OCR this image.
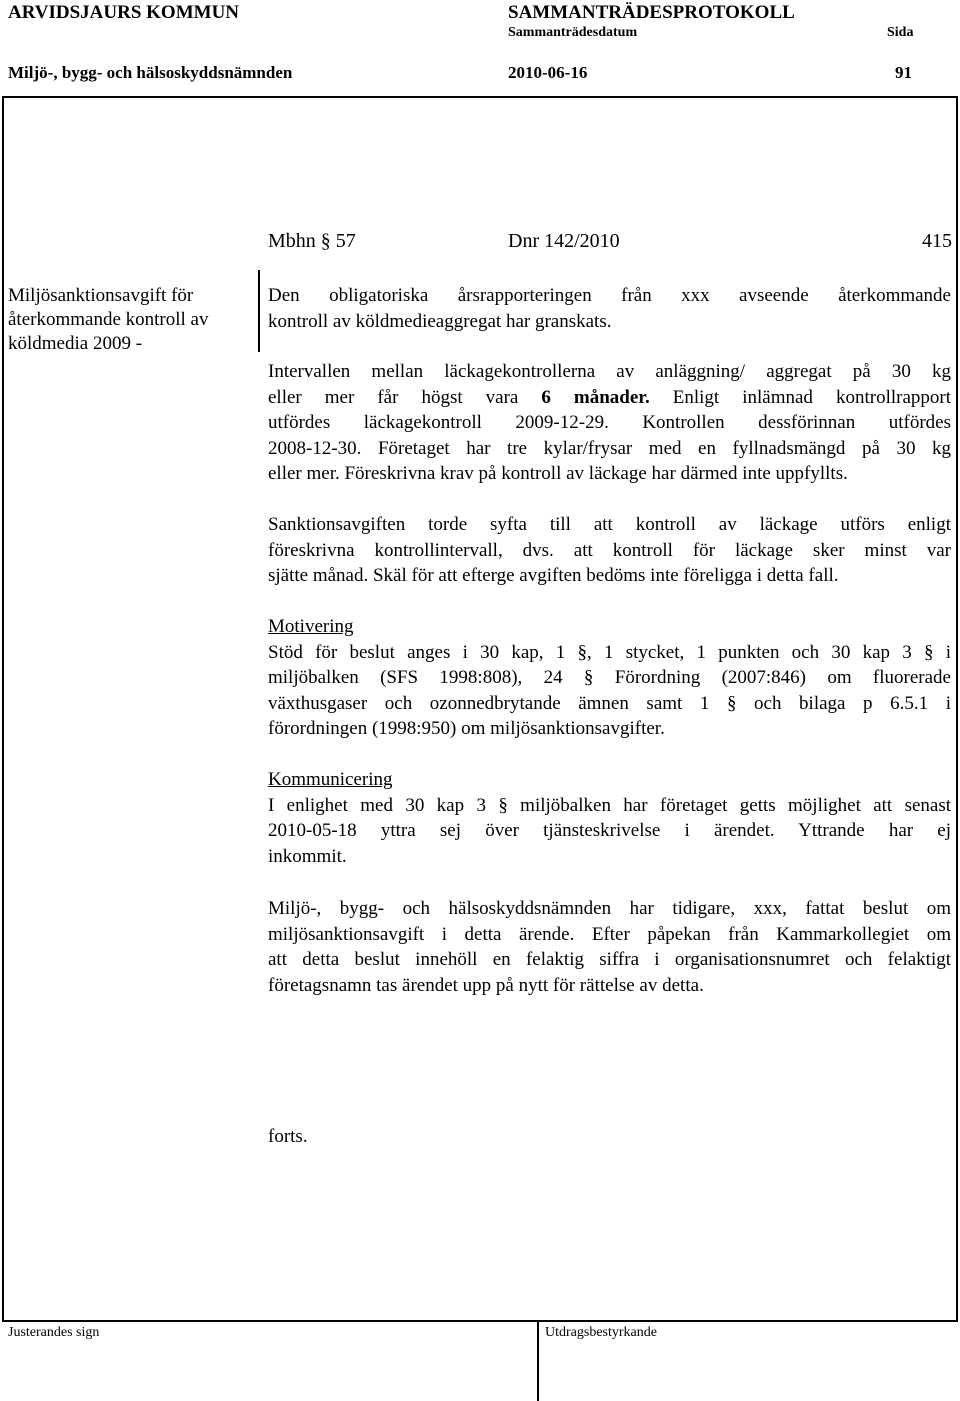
ARVIDSJAURS KOMMUN	SAMMANTRÄDESPROTOKOLL
Sammanträdesdatum	Sida
Miljö-, bygg- och hälsoskyddsnämnden	2010-06-16	91
Mbhn § 57	Dnr 142/2010	415
Miljösanktionsavgift för
återkommande kontroll av
köldmedia 2009 -
Den obligatoriska årsrapporteringen från xxx avseende återkommande
kontroll av köldmedieaggregat har granskats.
Intervallen mellan läckagekontrollerna av anläggning/ aggregat på 30 kg
eller mer får högst vara 6 månader. Enligt inlämnad kontrollrapport
utfördes läckagekontroll 2009-12-29. Kontrollen dessförinnan utfördes
2008-12-30. Företaget har tre kylar/frysar med en fyllnadsmängd på 30 kg
eller mer. Föreskrivna krav på kontroll av läckage har därmed inte uppfyllts.
Sanktionsavgiften torde syfta till att kontroll av läckage utförs enligt
föreskrivna kontrollintervall, dvs. att kontroll för läckage sker minst var
sjätte månad. Skäl för att efterge avgiften bedöms inte föreligga i detta fall.
Motivering
Stöd för beslut anges i 30 kap, 1 §, 1 stycket, 1 punkten och 30 kap 3 § i
miljöbalken (SFS 1998:808), 24 § Förordning (2007:846) om fluorerade
växthusgaser och ozonnedbrytande ämnen samt 1 § och bilaga p 6.5.1 i
förordningen (1998:950) om miljösanktionsavgifter.
Kommunicering
I enlighet med 30 kap 3 § miljöbalken har företaget getts möjlighet att senast
2010-05-18 yttra sej över tjänsteskrivelse i ärendet. Yttrande har ej
inkommit.
Miljö-, bygg- och hälsoskyddsnämnden har tidigare, xxx, fattat beslut om
miljösanktionsavgift i detta ärende. Efter påpekan från Kammarkollegiet om
att detta beslut innehöll en felaktig siffra i organisationsnumret och felaktigt
företagsnamn tas ärendet upp på nytt för rättelse av detta.
forts.
Justerandes sign	Utdragsbestyrkande
